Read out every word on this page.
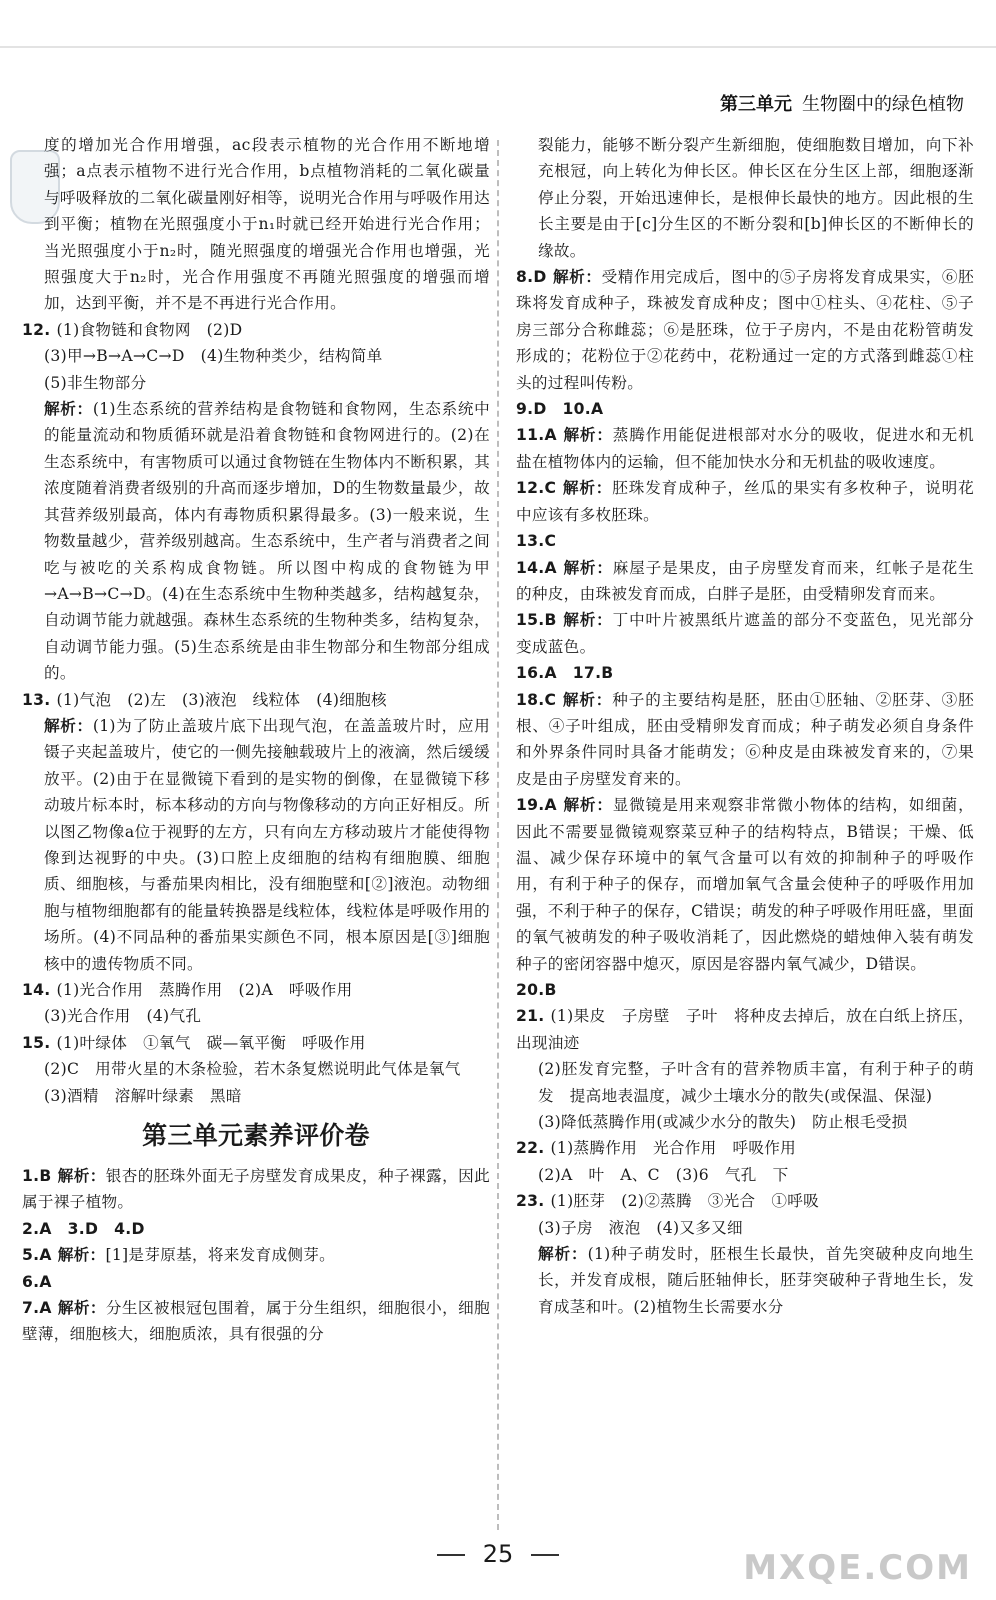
第三单元 生物圈中的绿色植物

度的增加光合作用增强，ac段表示植物的光合作用不断地增强；a点表示植物不进行光合作用，b点植物消耗的二氧化碳量与呼吸释放的二氧化碳量刚好相等，说明光合作用与呼吸作用达到平衡；植物在光照强度小于n₁时就已经开始进行光合作用；当光照强度小于n₂时，随光照强度的增强光合作用也增强，光照强度大于n₂时，光合作用强度不再随光照强度的增强而增加，达到平衡，并不是不再进行光合作用。

12. (1)食物链和食物网　(2)D

(3)甲→B→A→C→D　(4)生物种类少，结构简单

(5)非生物部分

解析：(1)生态系统的营养结构是食物链和食物网，生态系统中的能量流动和物质循环就是沿着食物链和食物网进行的。(2)在生态系统中，有害物质可以通过食物链在生物体内不断积累，其浓度随着消费者级别的升高而逐步增加，D的生物数量最少，故其营养级别最高，体内有毒物质积累得最多。(3)一般来说，生物数量越少，营养级别越高。生态系统中，生产者与消费者之间吃与被吃的关系构成食物链。所以图中构成的食物链为甲→A→B→C→D。(4)在生态系统中生物种类越多，结构越复杂，自动调节能力就越强。森林生态系统的生物种类多，结构复杂，自动调节能力强。(5)生态系统是由非生物部分和生物部分组成的。

13. (1)气泡　(2)左　(3)液泡　线粒体　(4)细胞核

解析：(1)为了防止盖玻片底下出现气泡，在盖盖玻片时，应用镊子夹起盖玻片，使它的一侧先接触载玻片上的液滴，然后缓缓放平。(2)由于在显微镜下看到的是实物的倒像，在显微镜下移动玻片标本时，标本移动的方向与物像移动的方向正好相反。所以图乙物像a位于视野的左方，只有向左方移动玻片才能使得物像到达视野的中央。(3)口腔上皮细胞的结构有细胞膜、细胞质、细胞核，与番茄果肉相比，没有细胞壁和[②]液泡。动物细胞与植物细胞都有的能量转换器是线粒体，线粒体是呼吸作用的场所。(4)不同品种的番茄果实颜色不同，根本原因是[③]细胞核中的遗传物质不同。

14. (1)光合作用　蒸腾作用　(2)A　呼吸作用

(3)光合作用　(4)气孔

15. (1)叶绿体　①氧气　碳—氧平衡　呼吸作用

(2)C　用带火星的木条检验，若木条复燃说明此气体是氧气

(3)酒精　溶解叶绿素　黑暗

第三单元素养评价卷

1.B 解析：银杏的胚珠外面无子房壁发育成果皮，种子裸露，因此属于裸子植物。

2.A　3.D　4.D

5.A 解析：[1]是芽原基，将来发育成侧芽。

6.A

7.A 解析：分生区被根冠包围着，属于分生组织，细胞很小，细胞壁薄，细胞核大，细胞质浓，具有很强的分

裂能力，能够不断分裂产生新细胞，使细胞数目增加，向下补充根冠，向上转化为伸长区。伸长区在分生区上部，细胞逐渐停止分裂，开始迅速伸长，是根伸长最快的地方。因此根的生长主要是由于[c]分生区的不断分裂和[b]伸长区的不断伸长的缘故。

8.D 解析：受精作用完成后，图中的⑤子房将发育成果实，⑥胚珠将发育成种子，珠被发育成种皮；图中①柱头、④花柱、⑤子房三部分合称雌蕊；⑥是胚珠，位于子房内，不是由花粉管萌发形成的；花粉位于②花药中，花粉通过一定的方式落到雌蕊①柱头的过程叫传粉。

9.D　10.A

11.A 解析：蒸腾作用能促进根部对水分的吸收，促进水和无机盐在植物体内的运输，但不能加快水分和无机盐的吸收速度。

12.C 解析：胚珠发育成种子，丝瓜的果实有多枚种子，说明花中应该有多枚胚珠。

13.C

14.A 解析：麻屋子是果皮，由子房壁发育而来，红帐子是花生的种皮，由珠被发育而成，白胖子是胚，由受精卵发育而来。

15.B 解析：丁中叶片被黑纸片遮盖的部分不变蓝色，见光部分变成蓝色。

16.A　17.B

18.C 解析：种子的主要结构是胚，胚由①胚轴、②胚芽、③胚根、④子叶组成，胚由受精卵发育而成；种子萌发必须自身条件和外界条件同时具备才能萌发；⑥种皮是由珠被发育来的，⑦果皮是由子房壁发育来的。

19.A 解析：显微镜是用来观察非常微小物体的结构，如细菌，因此不需要显微镜观察菜豆种子的结构特点，B错误；干燥、低温、减少保存环境中的氧气含量可以有效的抑制种子的呼吸作用，有利于种子的保存，而增加氧气含量会使种子的呼吸作用加强，不利于种子的保存，C错误；萌发的种子呼吸作用旺盛，里面的氧气被萌发的种子吸收消耗了，因此燃烧的蜡烛伸入装有萌发种子的密闭容器中熄灭，原因是容器内氧气减少，D错误。

20.B

21. (1)果皮　子房壁　子叶　将种皮去掉后，放在白纸上挤压，出现油迹

(2)胚发育完整，子叶含有的营养物质丰富，有利于种子的萌发　提高地表温度，减少土壤水分的散失(或保温、保湿)

(3)降低蒸腾作用(或减少水分的散失)　防止根毛受损

22. (1)蒸腾作用　光合作用　呼吸作用

(2)A　叶　A、C　(3)6　气孔　下

23. (1)胚芽　(2)②蒸腾　③光合　①呼吸

(3)子房　液泡　(4)又多又细

解析：(1)种子萌发时，胚根生长最快，首先突破种皮向地生长，并发育成根，随后胚轴伸长，胚芽突破种子背地生长，发育成茎和叶。(2)植物生长需要水分

25	MXQE.COM
